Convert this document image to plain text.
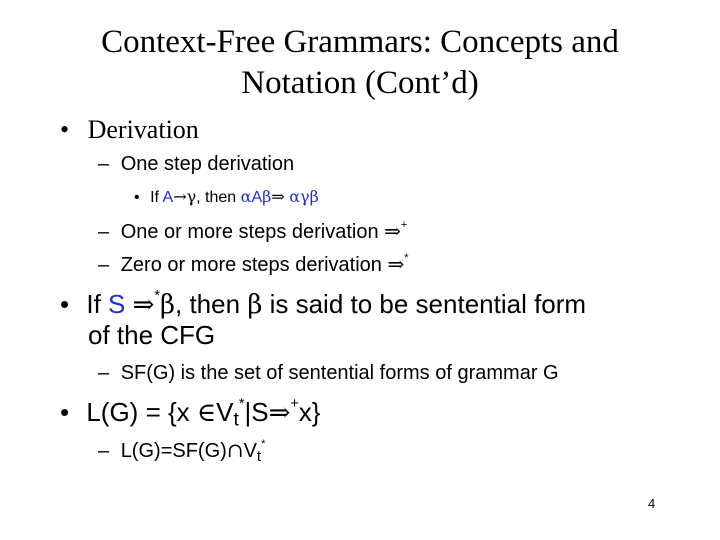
Context-Free Grammars: Concepts and
Notation (Cont’d)
• Derivation
– One step derivation
• If A→γ, then αAβ⇒ αγβ
– One or more steps derivation ⇒+
– Zero or more steps derivation ⇒*
• If S ⇒*β, then β is said to be sentential form
of the CFG
– SF(G) is the set of sentential forms of grammar G
• L(G) = {x $\in V_t^*|S\Rightarrow^+x$}
– $L(G)=SF(G)\cap V_t^*$
4
